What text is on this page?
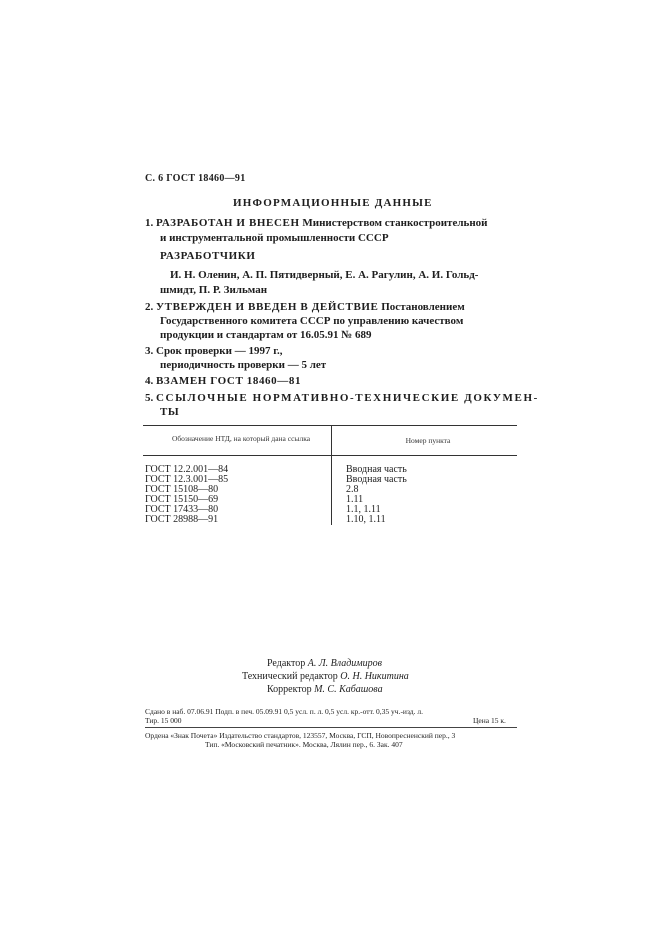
С. 6 ГОСТ 18460—91
ИНФОРМАЦИОННЫЕ ДАННЫЕ
1. РАЗРАБОТАН И ВНЕСЕН Министерством станкостроительной
и инструментальной промышленности СССР
РАЗРАБОТЧИКИ
И. Н. Оленин, А. П. Пятидверный, Е. А. Рагулин, А. И. Гольд-
шмидт, П. Р. Зильман
2. УТВЕРЖДЕН И ВВЕДЕН В ДЕЙСТВИЕ Постановлением
Государственного комитета СССР по управлению качеством
продукции и стандартам от 16.05.91 № 689
3. Срок проверки — 1997 г.,
периодичность проверки — 5 лет
4. ВЗАМЕН ГОСТ 18460—81
5. ССЫЛОЧНЫЕ НОРМАТИВНО-ТЕХНИЧЕСКИЕ ДОКУМЕН-
ТЫ
Обозначение НТД, на который дана ссылка	Номер пункта
ГОСТ 12.2.001—84	Вводная часть
ГОСТ 12.3.001—85	Вводная часть
ГОСТ 15108—80	2.8
ГОСТ 15150—69	1.11
ГОСТ 17433—80	1.1, 1.11
ГОСТ 28988—91	1.10, 1.11
Редактор А. Л. Владимиров
Технический редактор О. Н. Никитина
Корректор М. С. Кабашова
Сдано в наб. 07.06.91 Подп. в печ. 05.09.91 0,5 усл. п. л. 0,5 усл. кр.-отт. 0,35 уч.-изд. л.
Тир. 15 000	Цена 15 к.
Ордена «Знак Почета» Издательство стандартов, 123557, Москва, ГСП, Новопресненский пер., 3
Тип. «Московский печатник». Москва, Лялин пер., 6. Зак. 407
